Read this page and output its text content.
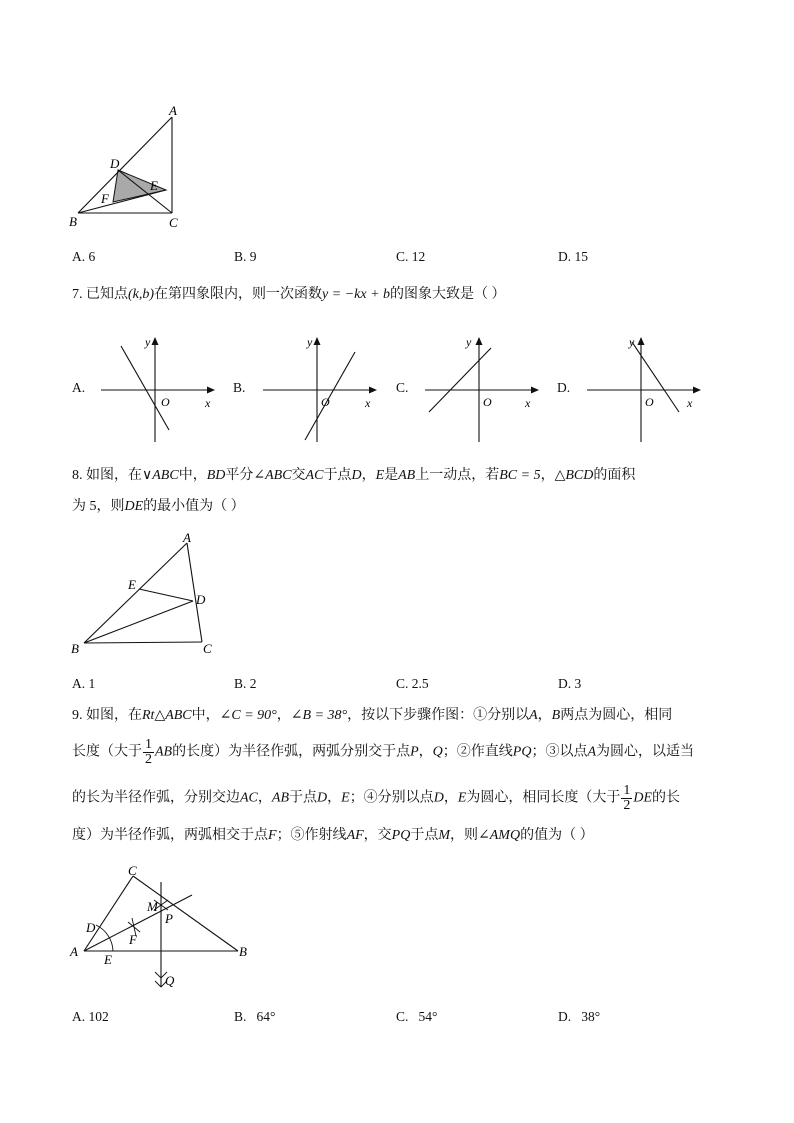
A
B	C
D
E
F
A. 6	B. 9	C. 12	D. 15
7. 已知点(k,b)在第四象限内，则一次函数y = −kx + b的图象大致是（ ）
A.
y
x
O
B.
y
x
O
C.
y
x
O
D.
y
x
O
8. 如图，在∨ABC中，BD平分∠ABC交AC于点D，E是AB上一动点，若BC = 5，△BCD的面积
为 5，则DE的最小值为（ ）
A
B	C
D
E
A. 1	B. 2	C. 2.5	D. 3
9. 如图，在Rt△ABC中，∠C = 90°，∠B = 38°，按以下步骤作图：①分别以A，B两点为圆心，相同
长度（大于 $\frac{1}{2}$ AB的长度）为半径作弧，两弧分别交于点P，Q；②作直线PQ；③以点A为圆心，以适当
的长为半径作弧，分别交边AC，AB于点D，E；④分别以点D，E为圆心，相同长度（大于 $\frac{1}{2}$ DE的长
度）为半径作弧，两弧相交于点F；⑤作射线AF，交PQ于点M，则∠AMQ的值为（ ）
C
A	B
D
E
F
M
P
Q
A. 102	B.   64°	C.   54°	D.   38°
